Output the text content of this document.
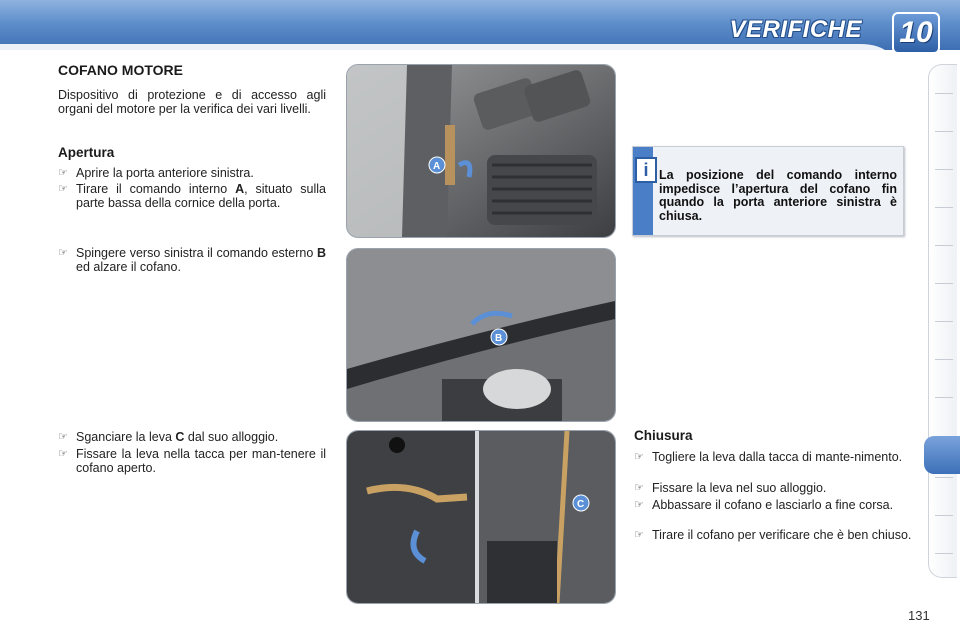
VERIFICHE 10
COFANO MOTORE
Dispositivo di protezione e di accesso agli organi del motore per la verifica dei vari livelli.
Apertura
☞ Aprire la porta anteriore sinistra.
☞ Tirare il comando interno A, situato sulla parte bassa della cornice della porta.
☞ Spingere verso sinistra il comando esterno B ed alzare il cofano.
☞ Sganciare la leva C dal suo alloggio.
☞ Fissare la leva nella tacca per man-tenere il cofano aperto.
A
B
C
i La posizione del comando interno impedisce l’apertura del cofano fin quando la porta anteriore sinistra è chiusa.
Chiusura
☞ Togliere la leva dalla tacca di mante-nimento.
☞ Fissare la leva nel suo alloggio.
☞ Abbassare il cofano e lasciarlo a fine corsa.
☞ Tirare il cofano per verificare che è ben chiuso.
131
